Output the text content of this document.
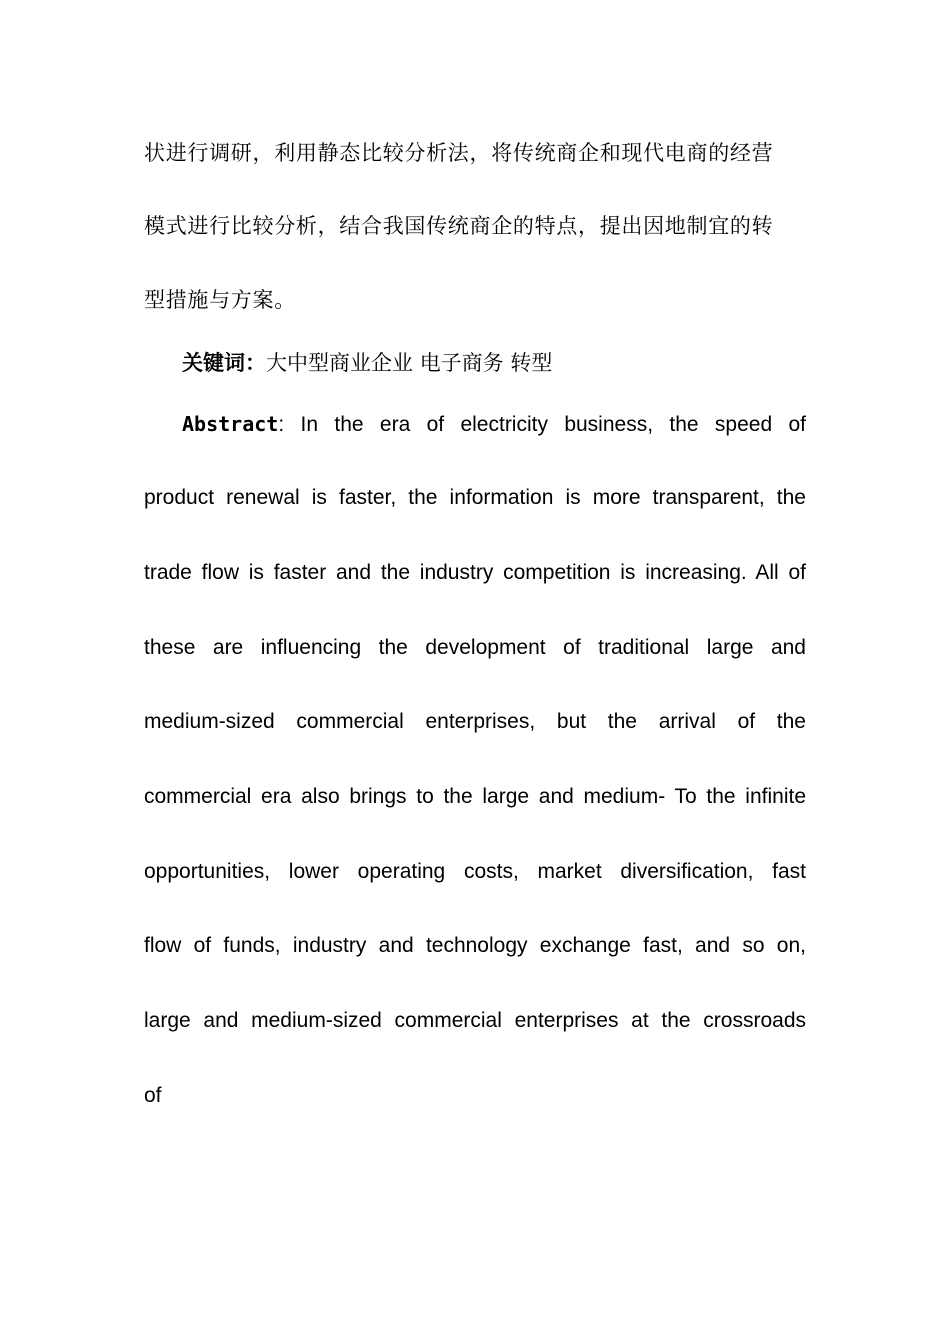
状进行调研，利用静态比较分析法，将传统商企和现代电商的经营
模式进行比较分析，结合我国传统商企的特点，提出因地制宜的转
型措施与方案。
关键词：大中型商业企业 电子商务 转型
Abstract: In the era of electricity business, the speed of
product renewal is faster, the information is more transparent, the
trade flow is faster and the industry competition is increasing. All of
these are influencing the development of traditional large and
medium-sized commercial enterprises, but the arrival of the
commercial era also brings to the large and medium- To the infinite
opportunities, lower operating costs, market diversification, fast
flow of funds, industry and technology exchange fast, and so on,
large and medium-sized commercial enterprises at the crossroads
of
